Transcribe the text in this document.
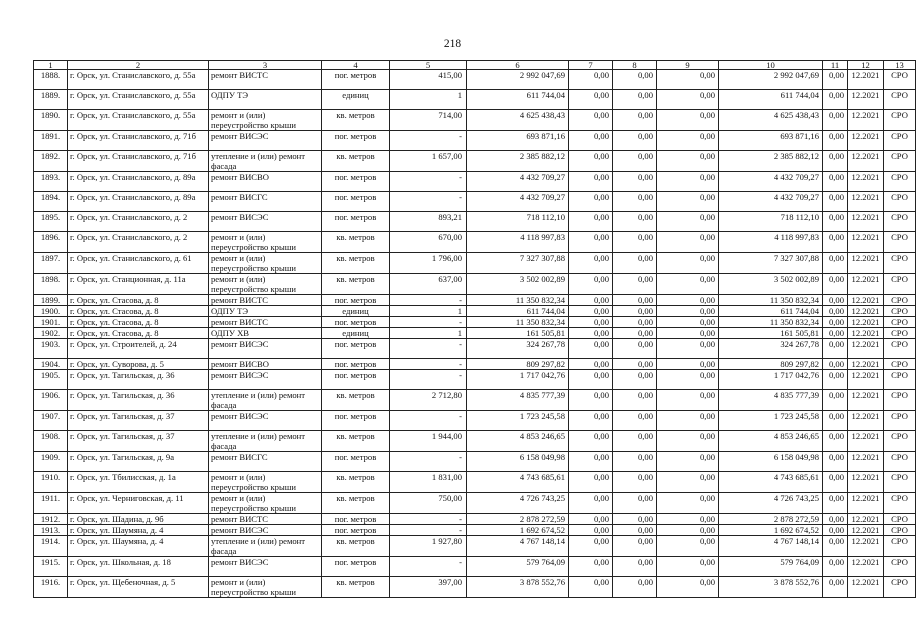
218
1	2	3	4	5	6	7	8	9	10	11	12	13
1888.	г. Орск, ул. Станиславского, д. 55а	ремонт ВИСТС	пог. метров	415,00	2 992 047,69	0,00	0,00	0,00	2 992 047,69	0,00	12.2021	СРО
1889.	г. Орск, ул. Станиславского, д. 55а	ОДПУ ТЭ	единиц	1	611 744,04	0,00	0,00	0,00	611 744,04	0,00	12.2021	СРО
1890.	г. Орск, ул. Станиславского, д. 55а	ремонт и (или) переустройство крыши	кв. метров	714,00	4 625 438,43	0,00	0,00	0,00	4 625 438,43	0,00	12.2021	СРО
1891.	г. Орск, ул. Станиславского, д. 71б	ремонт ВИСЭС	пог. метров	-	693 871,16	0,00	0,00	0,00	693 871,16	0,00	12.2021	СРО
1892.	г. Орск, ул. Станиславского, д. 71б	утепление и (или) ремонт фасада	кв. метров	1 657,00	2 385 882,12	0,00	0,00	0,00	2 385 882,12	0,00	12.2021	СРО
1893.	г. Орск, ул. Станиславского, д. 89а	ремонт ВИСВО	пог. метров	-	4 432 709,27	0,00	0,00	0,00	4 432 709,27	0,00	12.2021	СРО
1894.	г. Орск, ул. Станиславского, д. 89а	ремонт ВИСГС	пог. метров	-	4 432 709,27	0,00	0,00	0,00	4 432 709,27	0,00	12.2021	СРО
1895.	г. Орск, ул. Станиславского, д. 2	ремонт ВИСЭС	пог. метров	893,21	718 112,10	0,00	0,00	0,00	718 112,10	0,00	12.2021	СРО
1896.	г. Орск, ул. Станиславского, д. 2	ремонт и (или) переустройство крыши	кв. метров	670,00	4 118 997,83	0,00	0,00	0,00	4 118 997,83	0,00	12.2021	СРО
1897.	г. Орск, ул. Станиславского, д. 61	ремонт и (или) переустройство крыши	кв. метров	1 796,00	7 327 307,88	0,00	0,00	0,00	7 327 307,88	0,00	12.2021	СРО
1898.	г. Орск, ул. Станционная, д. 11а	ремонт и (или) переустройство крыши	кв. метров	637,00	3 502 002,89	0,00	0,00	0,00	3 502 002,89	0,00	12.2021	СРО
1899.	г. Орск, ул. Стасова, д. 8	ремонт ВИСТС	пог. метров	-	11 350 832,34	0,00	0,00	0,00	11 350 832,34	0,00	12.2021	СРО
1900.	г. Орск, ул. Стасова, д. 8	ОДПУ ТЭ	единиц	1	611 744,04	0,00	0,00	0,00	611 744,04	0,00	12.2021	СРО
1901.	г. Орск, ул. Стасова, д. 8	ремонт ВИСТС	пог. метров	-	11 350 832,34	0,00	0,00	0,00	11 350 832,34	0,00	12.2021	СРО
1902.	г. Орск, ул. Стасова, д. 8	ОДПУ ХВ	единиц	1	161 505,81	0,00	0,00	0,00	161 505,81	0,00	12.2021	СРО
1903.	г. Орск, ул. Строителей, д. 24	ремонт ВИСЭС	пог. метров	-	324 267,78	0,00	0,00	0,00	324 267,78	0,00	12.2021	СРО
1904.	г. Орск, ул. Суворова, д. 5	ремонт ВИСВО	пог. метров	-	809 297,82	0,00	0,00	0,00	809 297,82	0,00	12.2021	СРО
1905.	г. Орск, ул. Тагильская, д. 36	ремонт ВИСЭС	пог. метров	-	1 717 042,76	0,00	0,00	0,00	1 717 042,76	0,00	12.2021	СРО
1906.	г. Орск, ул. Тагильская, д. 36	утепление и (или) ремонт фасада	кв. метров	2 712,80	4 835 777,39	0,00	0,00	0,00	4 835 777,39	0,00	12.2021	СРО
1907.	г. Орск, ул. Тагильская, д. 37	ремонт ВИСЭС	пог. метров	-	1 723 245,58	0,00	0,00	0,00	1 723 245,58	0,00	12.2021	СРО
1908.	г. Орск, ул. Тагильская, д. 37	утепление и (или) ремонт фасада	кв. метров	1 944,00	4 853 246,65	0,00	0,00	0,00	4 853 246,65	0,00	12.2021	СРО
1909.	г. Орск, ул. Тагильская, д. 9а	ремонт ВИСГС	пог. метров	-	6 158 049,98	0,00	0,00	0,00	6 158 049,98	0,00	12.2021	СРО
1910.	г. Орск, ул. Тбилисская, д. 1а	ремонт и (или) переустройство крыши	кв. метров	1 831,00	4 743 685,61	0,00	0,00	0,00	4 743 685,61	0,00	12.2021	СРО
1911.	г. Орск, ул. Черниговская, д. 11	ремонт и (или) переустройство крыши	кв. метров	750,00	4 726 743,25	0,00	0,00	0,00	4 726 743,25	0,00	12.2021	СРО
1912.	г. Орск, ул. Шадина, д. 9б	ремонт ВИСТС	пог. метров	-	2 878 272,59	0,00	0,00	0,00	2 878 272,59	0,00	12.2021	СРО
1913.	г. Орск, ул. Шаумяна, д. 4	ремонт ВИСЭС	пог. метров	-	1 692 674,52	0,00	0,00	0,00	1 692 674,52	0,00	12.2021	СРО
1914.	г. Орск, ул. Шаумяна, д. 4	утепление и (или) ремонт фасада	кв. метров	1 927,80	4 767 148,14	0,00	0,00	0,00	4 767 148,14	0,00	12.2021	СРО
1915.	г. Орск, ул. Школьная, д. 18	ремонт ВИСЭС	пог. метров	-	579 764,09	0,00	0,00	0,00	579 764,09	0,00	12.2021	СРО
1916.	г. Орск, ул. Щебеночная, д. 5	ремонт и (или) переустройство крыши	кв. метров	397,00	3 878 552,76	0,00	0,00	0,00	3 878 552,76	0,00	12.2021	СРО
